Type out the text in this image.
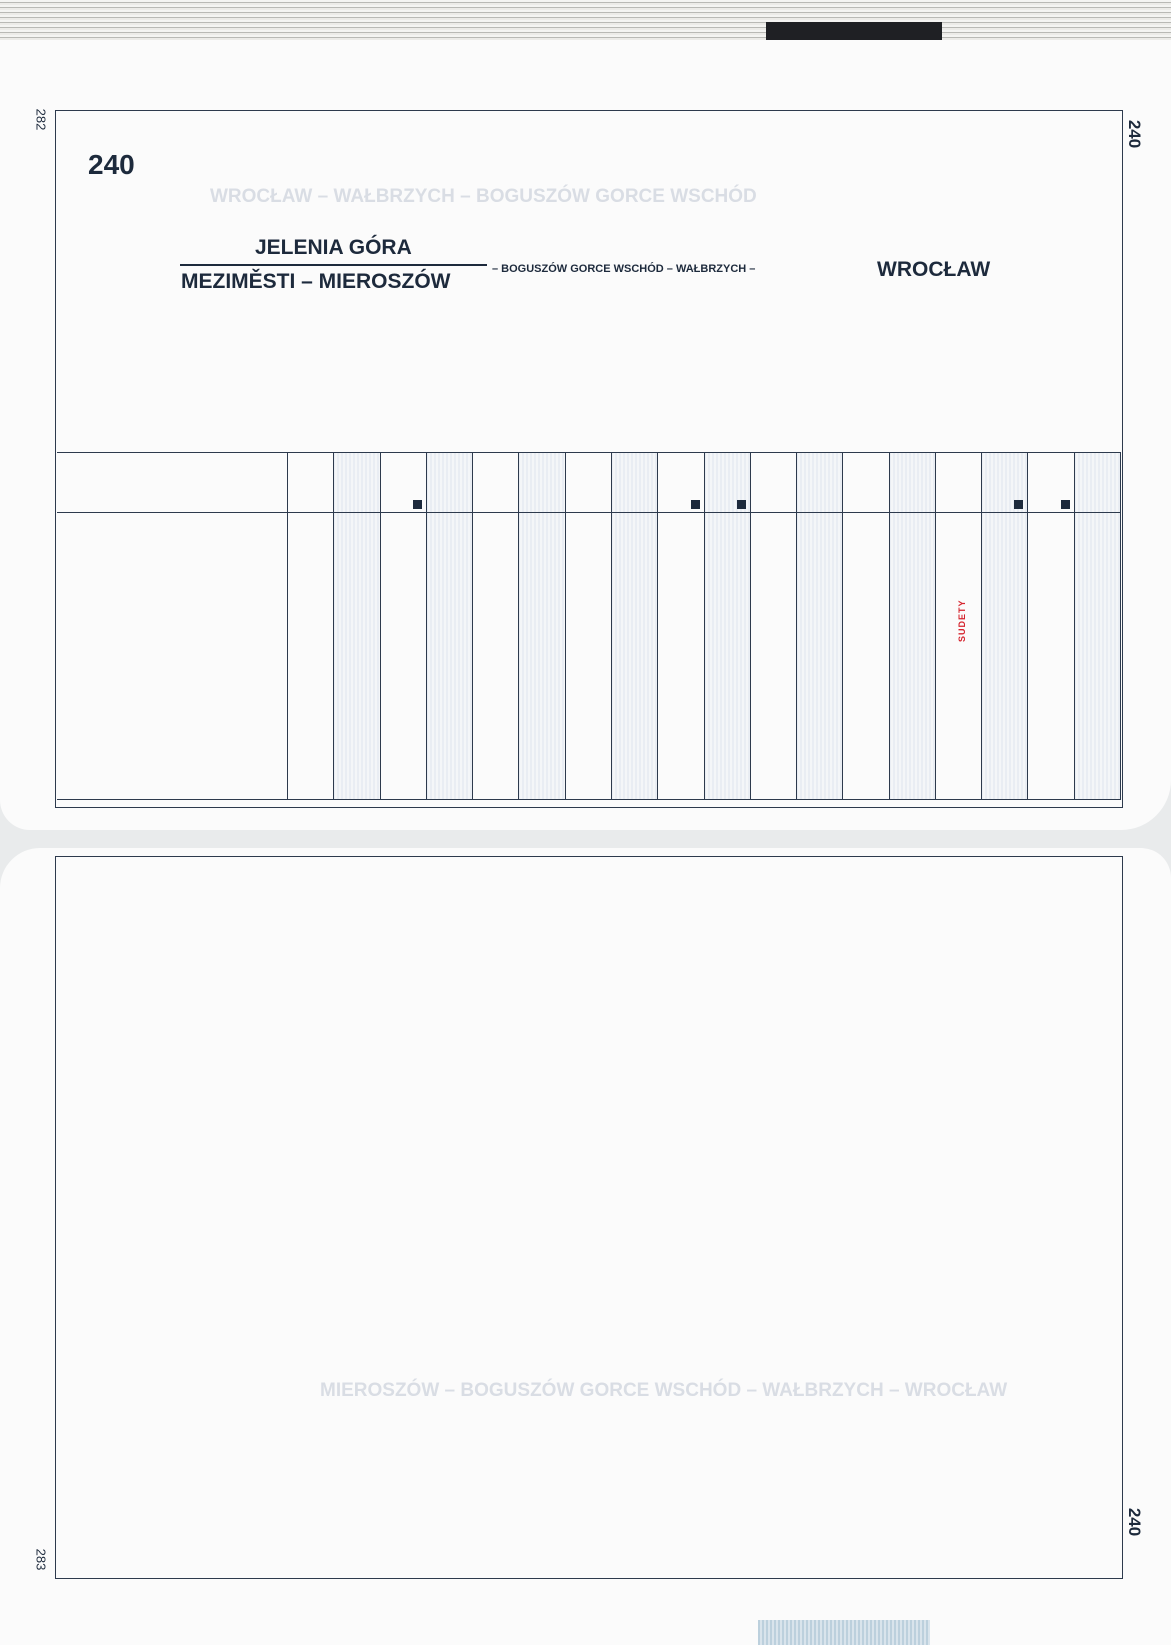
282
283
240
240
240
JELENIA GÓRA
MEZIMĚSTI – MIEROSZÓW
– BOGUSZÓW GORCE WSCHÓD – WAŁBRZYCH –	WROCŁAW
WROCŁAW – WAŁBRZYCH – BOGUSZÓW GORCE WSCHÓD
MIEROSZÓW – BOGUSZÓW GORCE WSCHÓD – WAŁBRZYCH – WROCŁAW
SUDETY
